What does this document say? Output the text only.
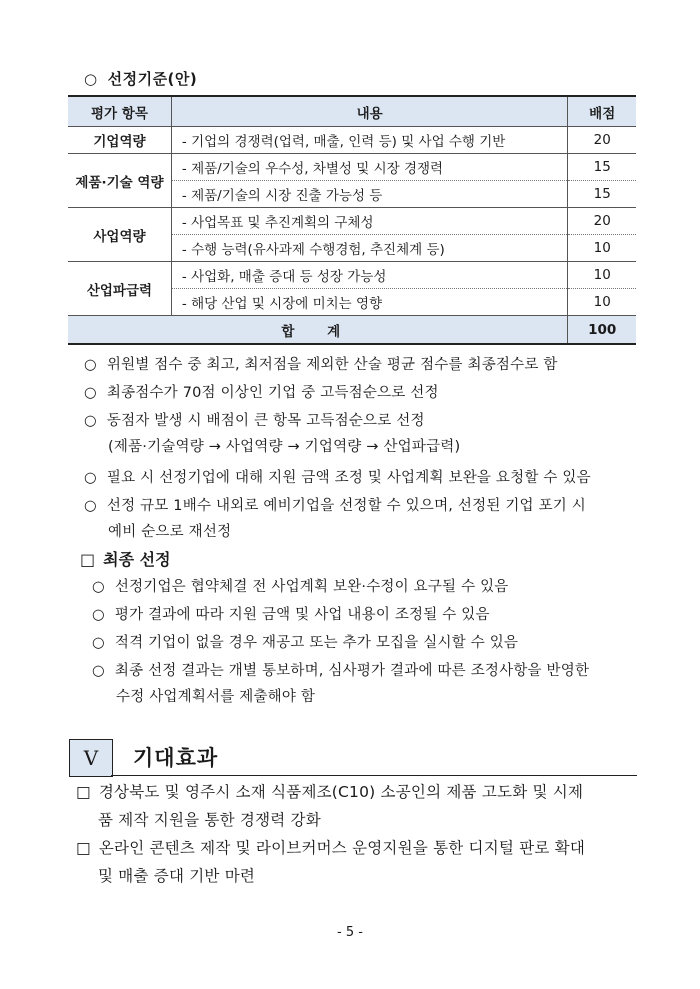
○ 선정기준(안)
평가 항목	내용	배점
기업역량	- 기업의 경쟁력(업력, 매출, 인력 등) 및 사업 수행 기반	20
제품·기술 역량	- 제품/기술의 우수성, 차별성 및 시장 경쟁력	15
	- 제품/기술의 시장 진출 가능성 등	15
사업역량	- 사업목표 및 추진계획의 구체성	20
	- 수행 능력(유사과제 수행경험, 추진체계 등)	10
산업파급력	- 사업화, 매출 증대 등 성장 가능성	10
	- 해당 산업 및 시장에 미치는 영향	10
합 계		100
○ 위원별 점수 중 최고, 최저점을 제외한 산술 평균 점수를 최종점수로 함
○ 최종점수가 70점 이상인 기업 중 고득점순으로 선정
○ 동점자 발생 시 배점이 큰 항목 고득점순으로 선정
(제품·기술역량 → 사업역량 → 기업역량 → 산업파급력)
○ 필요 시 선정기업에 대해 지원 금액 조정 및 사업계획 보완을 요청할 수 있음
○ 선정 규모 1배수 내외로 예비기업을 선정할 수 있으며, 선정된 기업 포기 시
예비 순으로 재선정
□ 최종 선정
○ 선정기업은 협약체결 전 사업계획 보완·수정이 요구될 수 있음
○ 평가 결과에 따라 지원 금액 및 사업 내용이 조정될 수 있음
○ 적격 기업이 없을 경우 재공고 또는 추가 모집을 실시할 수 있음
○ 최종 선정 결과는 개별 통보하며, 심사평가 결과에 따른 조정사항을 반영한
수정 사업계획서를 제출해야 함
V	기대효과
□ 경상북도 및 영주시 소재 식품제조(C10) 소공인의 제품 고도화 및 시제
품 제작 지원을 통한 경쟁력 강화
□ 온라인 콘텐츠 제작 및 라이브커머스 운영지원을 통한 디지털 판로 확대
및 매출 증대 기반 마련
- 5 -
